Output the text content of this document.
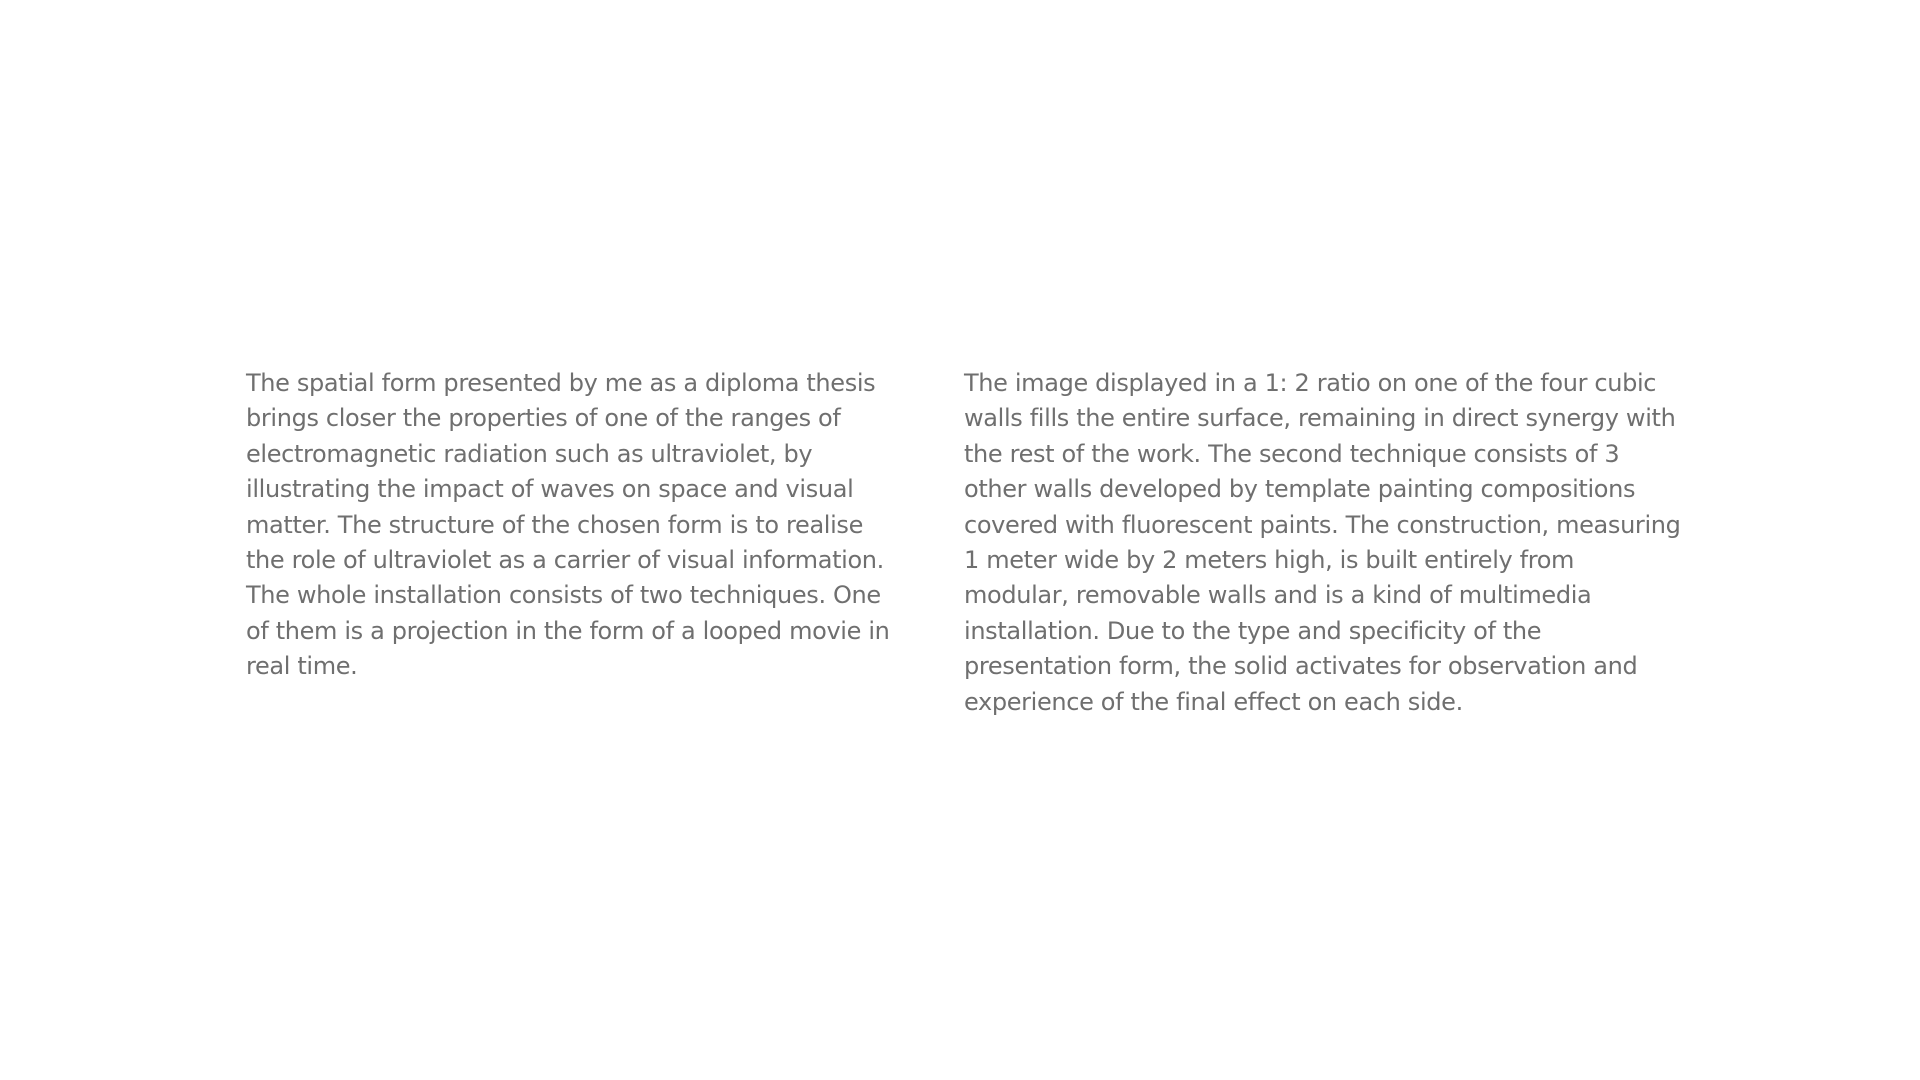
The spatial form presented by me as a diploma thesis brings closer the properties of one of the ranges of electromagnetic radiation such as ultraviolet, by illustrating the impact of waves on space and visual matter. The structure of the chosen form is to realise the role of ultraviolet as a carrier of visual information. The whole installation consists of two techniques. One of them is a projection in the form of a looped movie in real time.

The image displayed in a 1: 2 ratio on one of the four cubic walls fills the entire surface, remaining in direct synergy with the rest of the work. The second technique consists of 3 other walls developed by template painting compositions covered with fluorescent paints. The construction, measuring 1 meter wide by 2 meters high, is built entirely from modular, removable walls and is a kind of multimedia installation. Due to the type and specificity of the presentation form, the solid activates for observation and experience of the final effect on each side.
